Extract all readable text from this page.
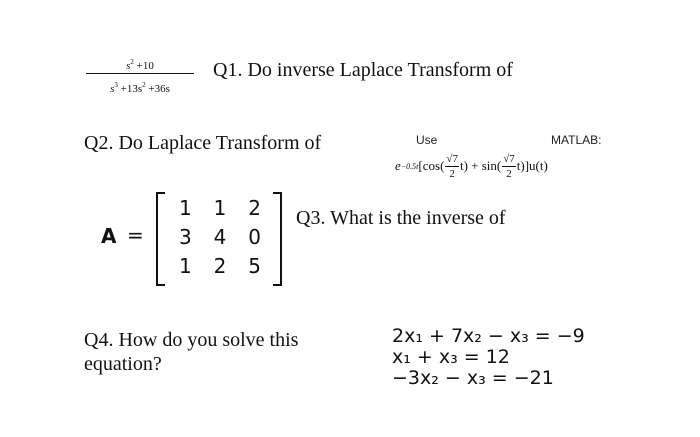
$s^2 +10$
$s^3 +13s^2 +36s$
Q1. Do inverse Laplace Transform of
Q2. Do Laplace Transform of	Use	MATLAB:
e −0.5t [cos( √7
2
t) + sin( √7
2
t)]u(t)
A =
1	1	2
3	4	0
1	2	5
Q3. What is the inverse of
Q4. How do you solve this equation?
2x₁ + 7x₂ − x₃ = −9
x₁ + x₃ = 12
−3x₂ − x₃ = −21
